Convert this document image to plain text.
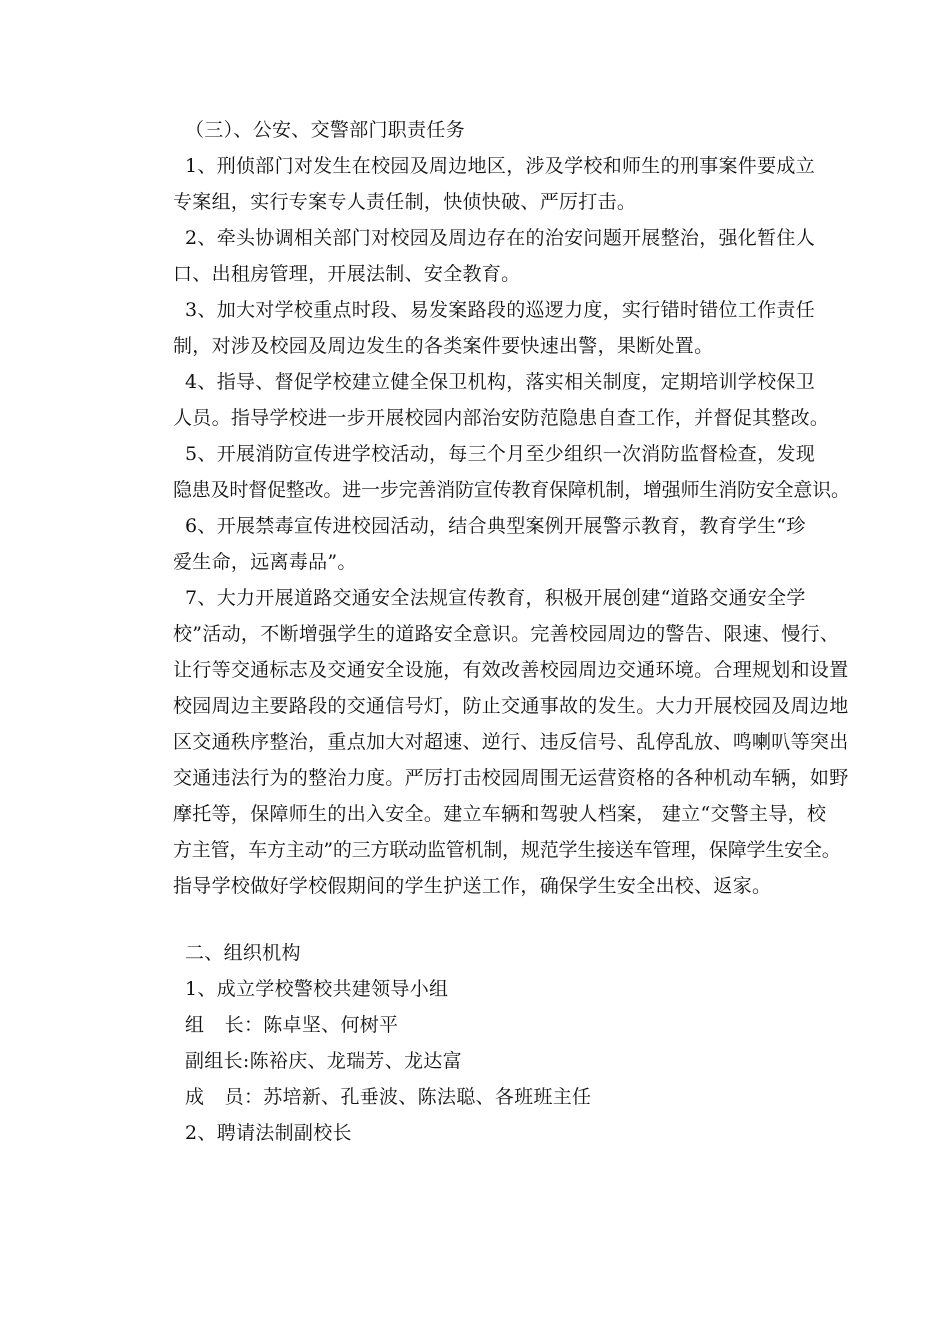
（三）、公安、交警部门职责任务
1、刑侦部门对发生在校园及周边地区，涉及学校和师生的刑事案件要成立
专案组，实行专案专人责任制，快侦快破、严厉打击。
2、牵头协调相关部门对校园及周边存在的治安问题开展整治，强化暂住人
口、出租房管理，开展法制、安全教育。
3、加大对学校重点时段、易发案路段的巡逻力度，实行错时错位工作责任
制，对涉及校园及周边发生的各类案件要快速出警，果断处置。
4、指导、督促学校建立健全保卫机构，落实相关制度，定期培训学校保卫
人员。指导学校进一步开展校园内部治安防范隐患自查工作，并督促其整改。
5、开展消防宣传进学校活动，每三个月至少组织一次消防监督检查，发现
隐患及时督促整改。进一步完善消防宣传教育保障机制，增强师生消防安全意识。
6、开展禁毒宣传进校园活动，结合典型案例开展警示教育，教育学生“珍
爱生命，远离毒品”。
7、大力开展道路交通安全法规宣传教育，积极开展创建“道路交通安全学
校”活动，不断增强学生的道路安全意识。完善校园周边的警告、限速、慢行、
让行等交通标志及交通安全设施，有效改善校园周边交通环境。合理规划和设置
校园周边主要路段的交通信号灯，防止交通事故的发生。大力开展校园及周边地
区交通秩序整治，重点加大对超速、逆行、违反信号、乱停乱放、鸣喇叭等突出
交通违法行为的整治力度。严厉打击校园周围无运营资格的各种机动车辆，如野
摩托等，保障师生的出入安全。建立车辆和驾驶人档案， 建立“交警主导，校
方主管，车方主动”的三方联动监管机制，规范学生接送车管理，保障学生安全。
指导学校做好学校假期间的学生护送工作，确保学生安全出校、返家。
二、组织机构
1、成立学校警校共建领导小组
组 长：陈卓坚、何树平
副组长:陈裕庆、龙瑞芳、龙达富
成 员：苏培新、孔垂波、陈法聪、各班班主任
2、聘请法制副校长
